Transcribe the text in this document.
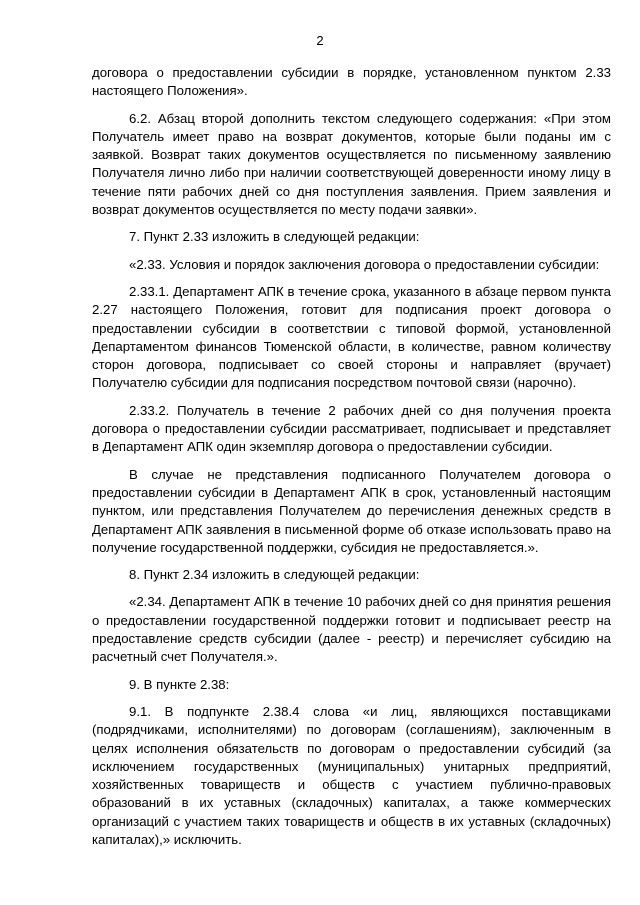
2

договора о предоставлении субсидии в порядке, установленном пунктом 2.33 настоящего Положения».

6.2. Абзац второй дополнить текстом следующего содержания: «При этом Получатель имеет право на возврат документов, которые были поданы им с заявкой. Возврат таких документов осуществляется по письменному заявлению Получателя лично либо при наличии соответствующей доверенности иному лицу в течение пяти рабочих дней со дня поступления заявления. Прием заявления и возврат документов осуществляется по месту подачи заявки».

7. Пункт 2.33 изложить в следующей редакции:

«2.33. Условия и порядок заключения договора о предоставлении субсидии:

2.33.1. Департамент АПК в течение срока, указанного в абзаце первом пункта 2.27 настоящего Положения, готовит для подписания проект договора о предоставлении субсидии в соответствии с типовой формой, установленной Департаментом финансов Тюменской области, в количестве, равном количеству сторон договора, подписывает со своей стороны и направляет (вручает) Получателю субсидии для подписания посредством почтовой связи (нарочно).

2.33.2. Получатель в течение 2 рабочих дней со дня получения проекта договора о предоставлении субсидии рассматривает, подписывает и представляет в Департамент АПК один экземпляр договора о предоставлении субсидии.

В случае не представления подписанного Получателем договора о предоставлении субсидии в Департамент АПК в срок, установленный настоящим пунктом, или представления Получателем до перечисления денежных средств в Департамент АПК заявления в письменной форме об отказе использовать право на получение государственной поддержки, субсидия не предоставляется.».

8. Пункт 2.34 изложить в следующей редакции:

«2.34. Департамент АПК в течение 10 рабочих дней со дня принятия решения о предоставлении государственной поддержки готовит и подписывает реестр на предоставление средств субсидии (далее - реестр) и перечисляет субсидию на расчетный счет Получателя.».

9. В пункте 2.38:

9.1. В подпункте 2.38.4 слова «и лиц, являющихся поставщиками (подрядчиками, исполнителями) по договорам (соглашениям), заключенным в целях исполнения обязательств по договорам о предоставлении субсидий (за исключением государственных (муниципальных) унитарных предприятий, хозяйственных товариществ и обществ с участием публично-правовых образований в их уставных (складочных) капиталах, а также коммерческих организаций с участием таких товариществ и обществ в их уставных (складочных) капиталах),» исключить.
